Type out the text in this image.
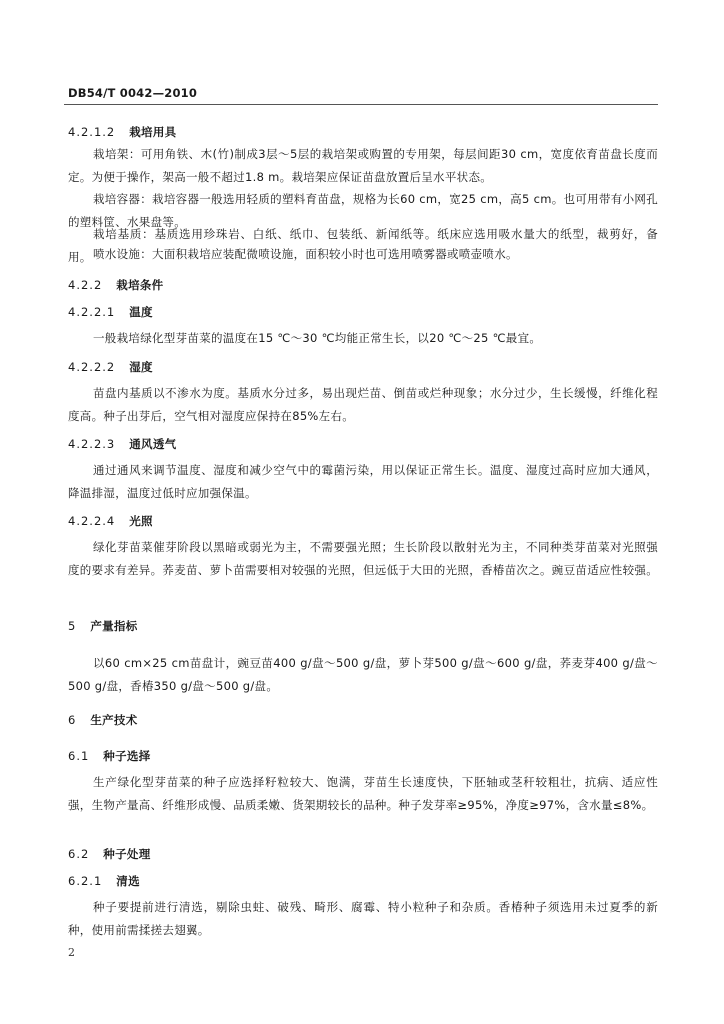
DB54/T 0042—2010
4.2.1.2 栽培用具

栽培架：可用角铁、木(竹)制成3层～5层的栽培架或购置的专用架，每层间距30 cm，宽度依育苗盘长度而定。为便于操作，架高一般不超过1.8 m。栽培架应保证苗盘放置后呈水平状态。

栽培容器：栽培容器一般选用轻质的塑料育苗盘，规格为长60 cm，宽25 cm，高5 cm。也可用带有小网孔的塑料筐、水果盘等。

栽培基质：基质选用珍珠岩、白纸、纸巾、包装纸、新闻纸等。纸床应选用吸水量大的纸型，裁剪好，备用。 喷水设施：大面积栽培应装配微喷设施，面积较小时也可选用喷雾器或喷壶喷水。

4.2.2 栽培条件
4.2.2.1 温度

一般栽培绿化型芽苗菜的温度在15 ℃～30 ℃均能正常生长，以20 ℃～25 ℃最宜。

4.2.2.2 湿度

苗盘内基质以不渗水为度。基质水分过多，易出现烂苗、倒苗或烂种现象；水分过少，生长缓慢，纤维化程度高。种子出芽后，空气相对湿度应保持在85%左右。

4.2.2.3 通风透气

通过通风来调节温度、湿度和减少空气中的霉菌污染，用以保证正常生长。温度、湿度过高时应加大通风，降温排湿，温度过低时应加强保温。

4.2.2.4 光照

绿化芽苗菜催芽阶段以黑暗或弱光为主，不需要强光照；生长阶段以散射光为主，不同种类芽苗菜对光照强度的要求有差异。荞麦苗、萝卜苗需要相对较强的光照，但远低于大田的光照，香椿苗次之。豌豆苗适应性较强。

5 产量指标

以60 cm×25 cm苗盘计，豌豆苗400 g/盘～500 g/盘，萝卜芽500 g/盘～600 g/盘，荞麦芽400 g/盘～500 g/盘，香椿350 g/盘～500 g/盘。

6 生产技术
6.1 种子选择

生产绿化型芽苗菜的种子应选择籽粒较大、饱满，芽苗生长速度快，下胚轴或茎秆较粗壮，抗病、适应性强，生物产量高、纤维形成慢、品质柔嫩、货架期较长的品种。种子发芽率≥95%，净度≥97%，含水量≤8%。

6.2 种子处理
6.2.1 清选

种子要提前进行清选，剔除虫蛀、破残、畸形、腐霉、特小粒种子和杂质。香椿种子须选用未过夏季的新种，使用前需揉搓去翅翼。

2
